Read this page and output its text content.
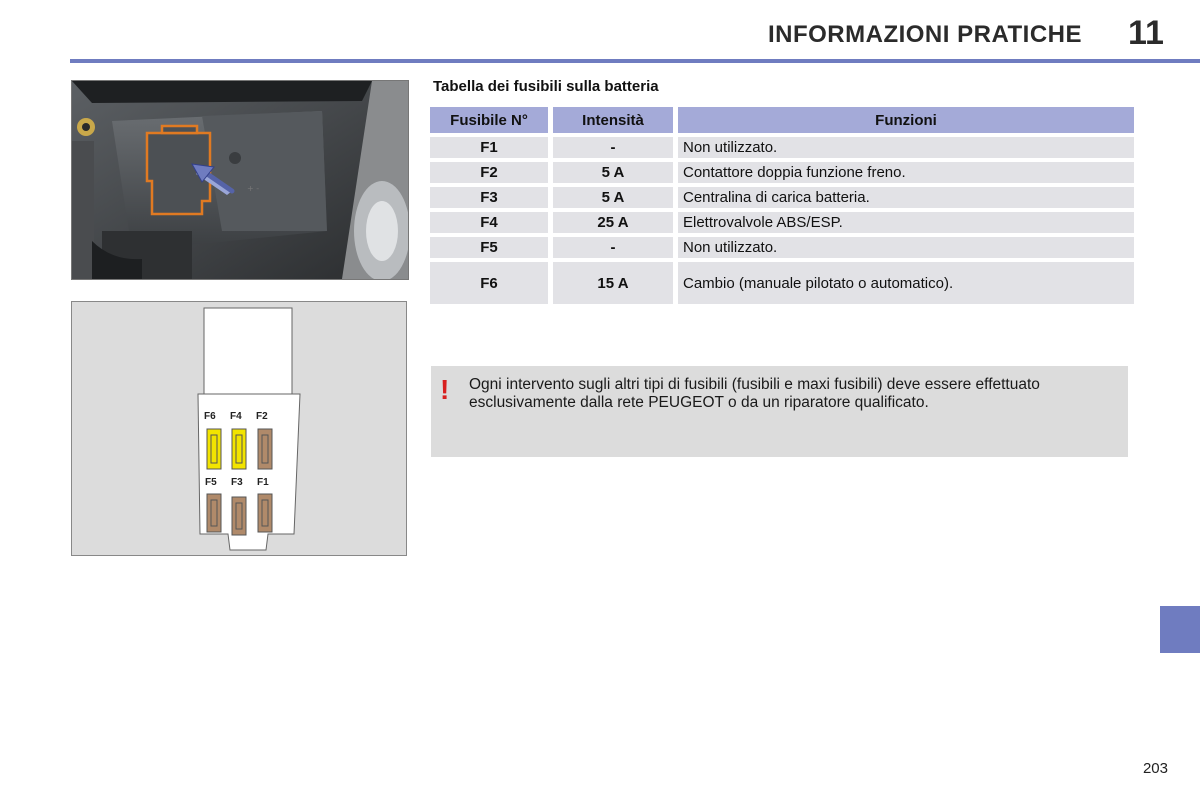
INFORMAZIONI PRATICHE 11
+ -
F6 F4 F2
F5 F3 F1
Tabella dei fusibili sulla batteria
Fusibile N°	Intensità	Funzioni
F1	-	Non utilizzato.
F2	5 A	Contattore doppia funzione freno.
F3	5 A	Centralina di carica batteria.
F4	25 A	Elettrovalvole ABS/ESP.
F5	-	Non utilizzato.
F6	15 A	Cambio (manuale pilotato o automatico).
! Ogni intervento sugli altri tipi di fusibili (fusibili e maxi fusibili) deve essere effettuato esclusivamente dalla rete PEUGEOT o da un riparatore qualificato.
203
